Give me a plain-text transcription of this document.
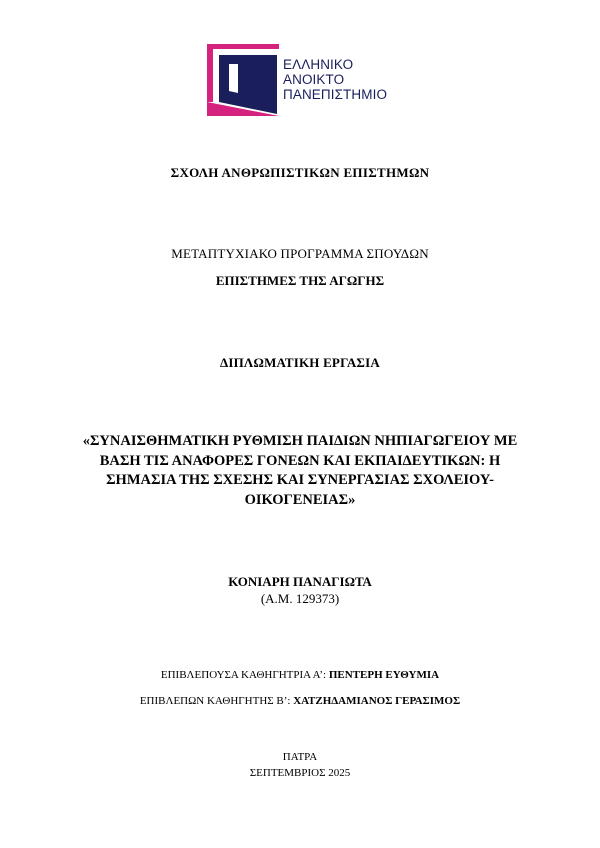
ΕΛΛΗΝΙΚΟ
ΑΝΟΙΚΤΟ
ΠΑΝΕΠΙΣΤΗΜΙΟ
ΣΧΟΛΗ ΑΝΘΡΩΠΙΣΤΙΚΩΝ ΕΠΙΣΤΗΜΩΝ
ΜΕΤΑΠΤΥΧΙΑΚΟ ΠΡΟΓΡΑΜΜΑ ΣΠΟΥΔΩΝ
ΕΠΙΣΤΗΜΕΣ ΤΗΣ ΑΓΩΓΗΣ
ΔΙΠΛΩΜΑΤΙΚΗ ΕΡΓΑΣΙΑ
«ΣΥΝΑΙΣΘΗΜΑΤΙΚΗ ΡΥΘΜΙΣΗ ΠΑΙΔΙΩΝ ΝΗΠΙΑΓΩΓΕΙΟΥ ΜΕ
ΒΑΣΗ ΤΙΣ ΑΝΑΦΟΡΕΣ ΓΟΝΕΩΝ ΚΑΙ ΕΚΠΑΙΔΕΥΤΙΚΩΝ: Η
ΣΗΜΑΣΙΑ ΤΗΣ ΣΧΕΣΗΣ ΚΑΙ ΣΥΝΕΡΓΑΣΙΑΣ ΣΧΟΛΕΙΟΥ-
ΟΙΚΟΓΕΝΕΙΑΣ»
ΚΟΝΙΑΡΗ ΠΑΝΑΓΙΩΤΑ
(Α.Μ. 129373)
ΕΠΙΒΛΕΠΟΥΣΑ ΚΑΘΗΓΗΤΡΙΑ Α’: ΠΕΝΤΕΡΗ ΕΥΘΥΜΙΑ
ΕΠΙΒΛΕΠΩΝ ΚΑΘΗΓΗΤΗΣ Β’: ΧΑΤΖΗΔΑΜΙΑΝΟΣ ΓΕΡΑΣΙΜΟΣ
ΠΑΤΡΑ
ΣΕΠΤΕΜΒΡΙΟΣ 2025
